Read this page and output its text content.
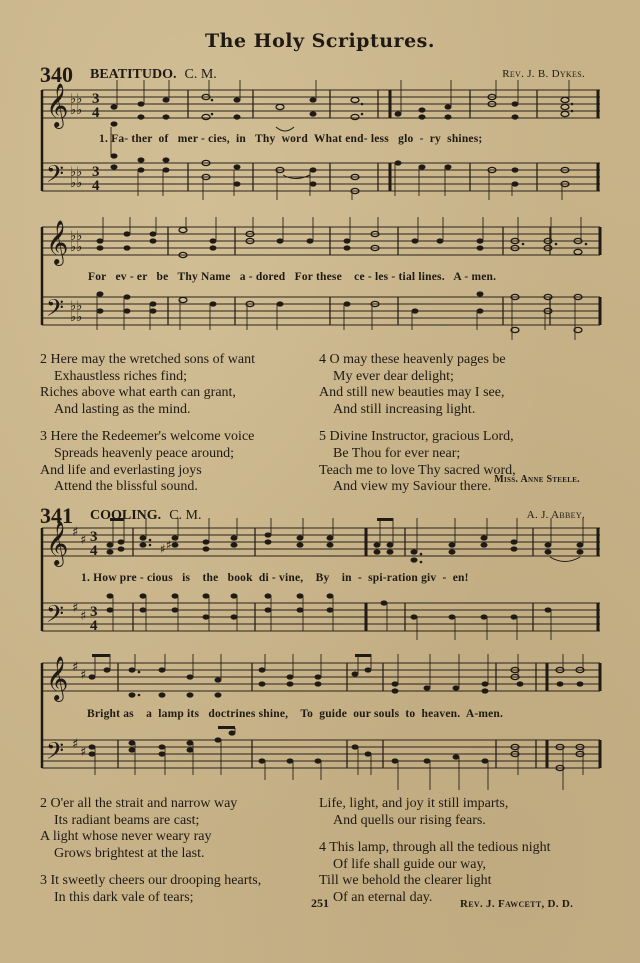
The Holy Scriptures.
340 BEATITUDO. C. M.	Rev. J. B. Dykes.
𝄞
𝄢
𝄞
𝄢
𝄞
𝄢
𝄞
𝄢
♭♭
♭♭
♭♭
♭♭
♭♭
♭♭
♭♭
♭♭
♯
♯
♯
♯
♯
♯
♯
♯
3
4
3
4
3
4
3
4
♯ ♯
1. Fa- ther  of   mer - cies,  in   Thy  word  What end- less   glo  -  ry  shines;
For   ev - er   be   Thy Name   a - dored   For these    ce - les - tial lines.   A - men.
2 Here may the wretched sons of want
Exhaustless riches find;
Riches above what earth can grant,
And lasting as the mind.
3 Here the Redeemer's welcome voice
Spreads heavenly peace around;
And life and everlasting joys
Attend the blissful sound.
4 O may these heavenly pages be
My ever dear delight;
And still new beauties may I see,
And still increasing light.
5 Divine Instructor, gracious Lord,
Be Thou for ever near;
Teach me to love Thy sacred word,
And view my Saviour there. Miss. Anne Steele.
341 COOLING. C. M.	A. J. Abbey.
1. How pre - cious   is    the   book  di - vine,    By    in  -  spi-ration giv  -  en!
Bright as    a  lamp its   doctrines shine,    To  guide  our souls  to  heaven.  A-men.
2 O'er all the strait and narrow way
Its radiant beams are cast;
A light whose never weary ray
Grows brightest at the last.
3 It sweetly cheers our drooping hearts,
In this dark vale of tears;
Life, light, and joy it still imparts,
And quells our rising fears.
4 This lamp, through all the tedious night
Of life shall guide our way,
Till we behold the clearer light
Of an eternal day.
251	Rev. J. Fawcett, D. D.
